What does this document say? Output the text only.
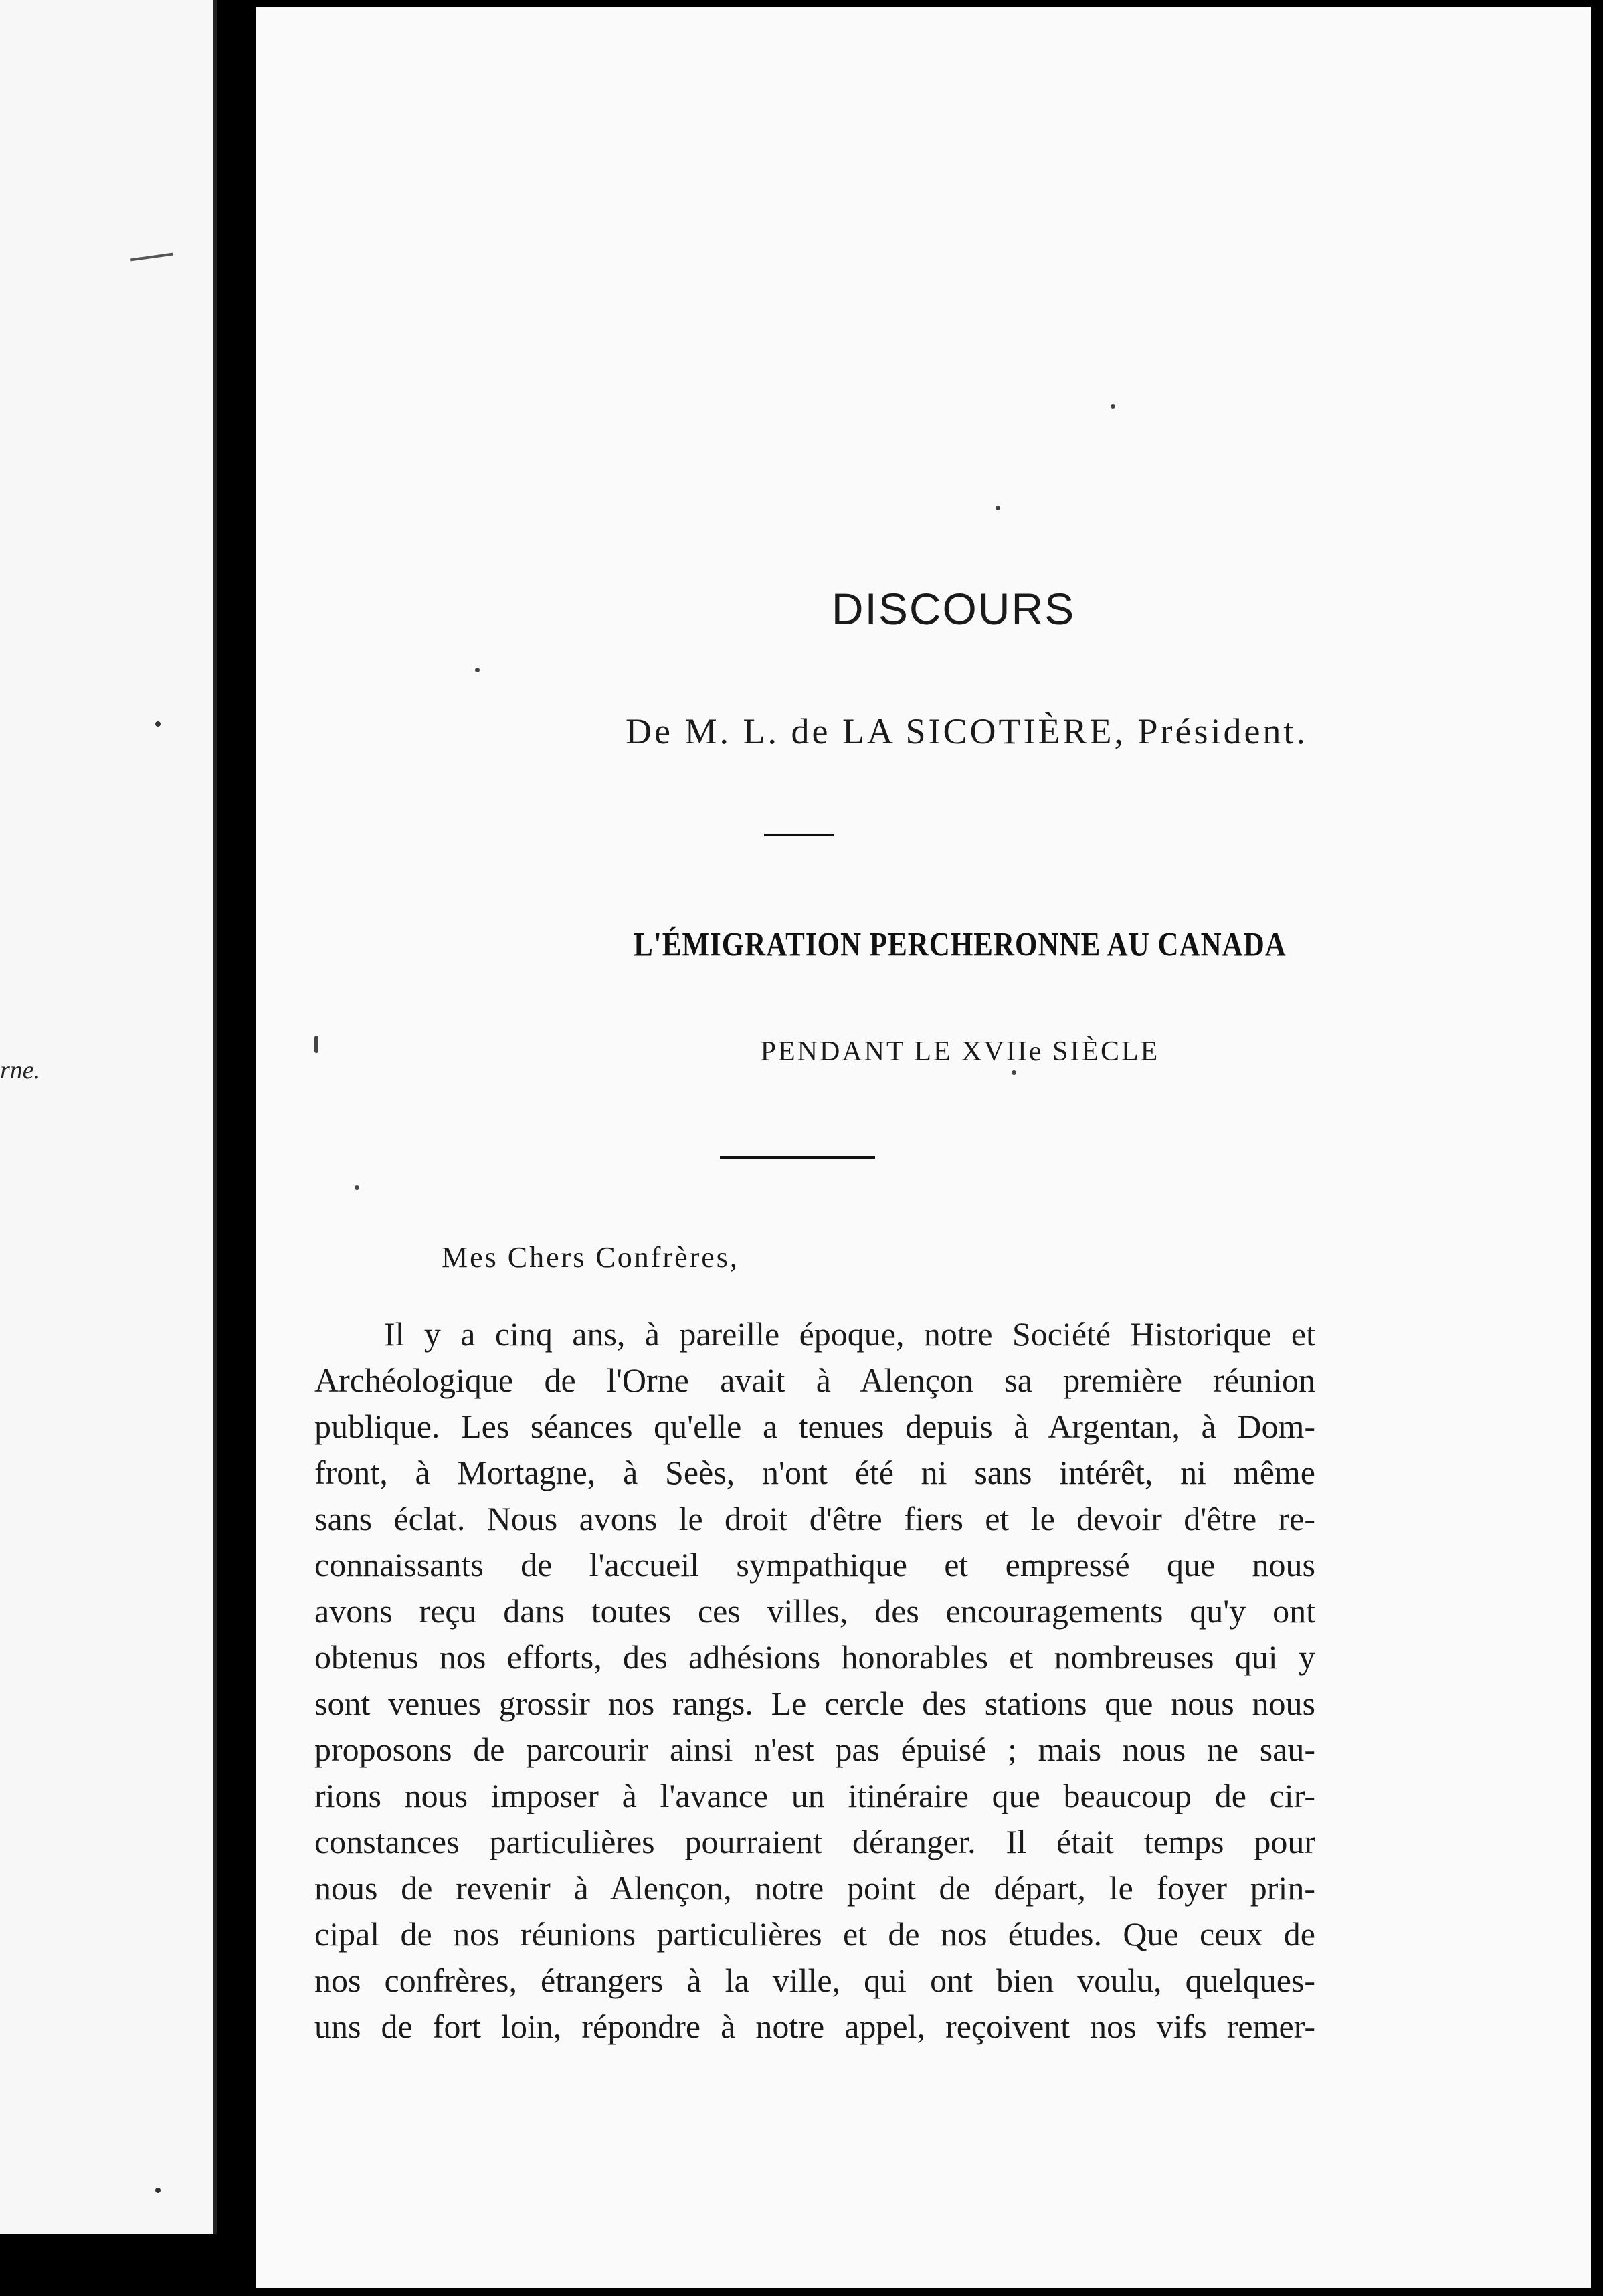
rne.
DISCOURS
De M. L. de LA SICOTIÈRE, Président.
L'ÉMIGRATION PERCHERONNE AU CANADA
PENDANT LE XVIIe SIÈCLE
Mes Chers Confrères,
Il y a cinq ans, à pareille époque, notre Société Historique et
Archéologique de l'Orne avait à Alençon sa première réunion
publique. Les séances qu'elle a tenues depuis à Argentan, à Dom-
front, à Mortagne, à Seès, n'ont été ni sans intérêt, ni même
sans éclat. Nous avons le droit d'être fiers et le devoir d'être re-
connaissants de l'accueil sympathique et empressé que nous
avons reçu dans toutes ces villes, des encouragements qu'y ont
obtenus nos efforts, des adhésions honorables et nombreuses qui y
sont venues grossir nos rangs. Le cercle des stations que nous nous
proposons de parcourir ainsi n'est pas épuisé ; mais nous ne sau-
rions nous imposer à l'avance un itinéraire que beaucoup de cir-
constances particulières pourraient déranger. Il était temps pour
nous de revenir à Alençon, notre point de départ, le foyer prin-
cipal de nos réunions particulières et de nos études. Que ceux de
nos confrères, étrangers à la ville, qui ont bien voulu, quelques-
uns de fort loin, répondre à notre appel, reçoivent nos vifs remer-
